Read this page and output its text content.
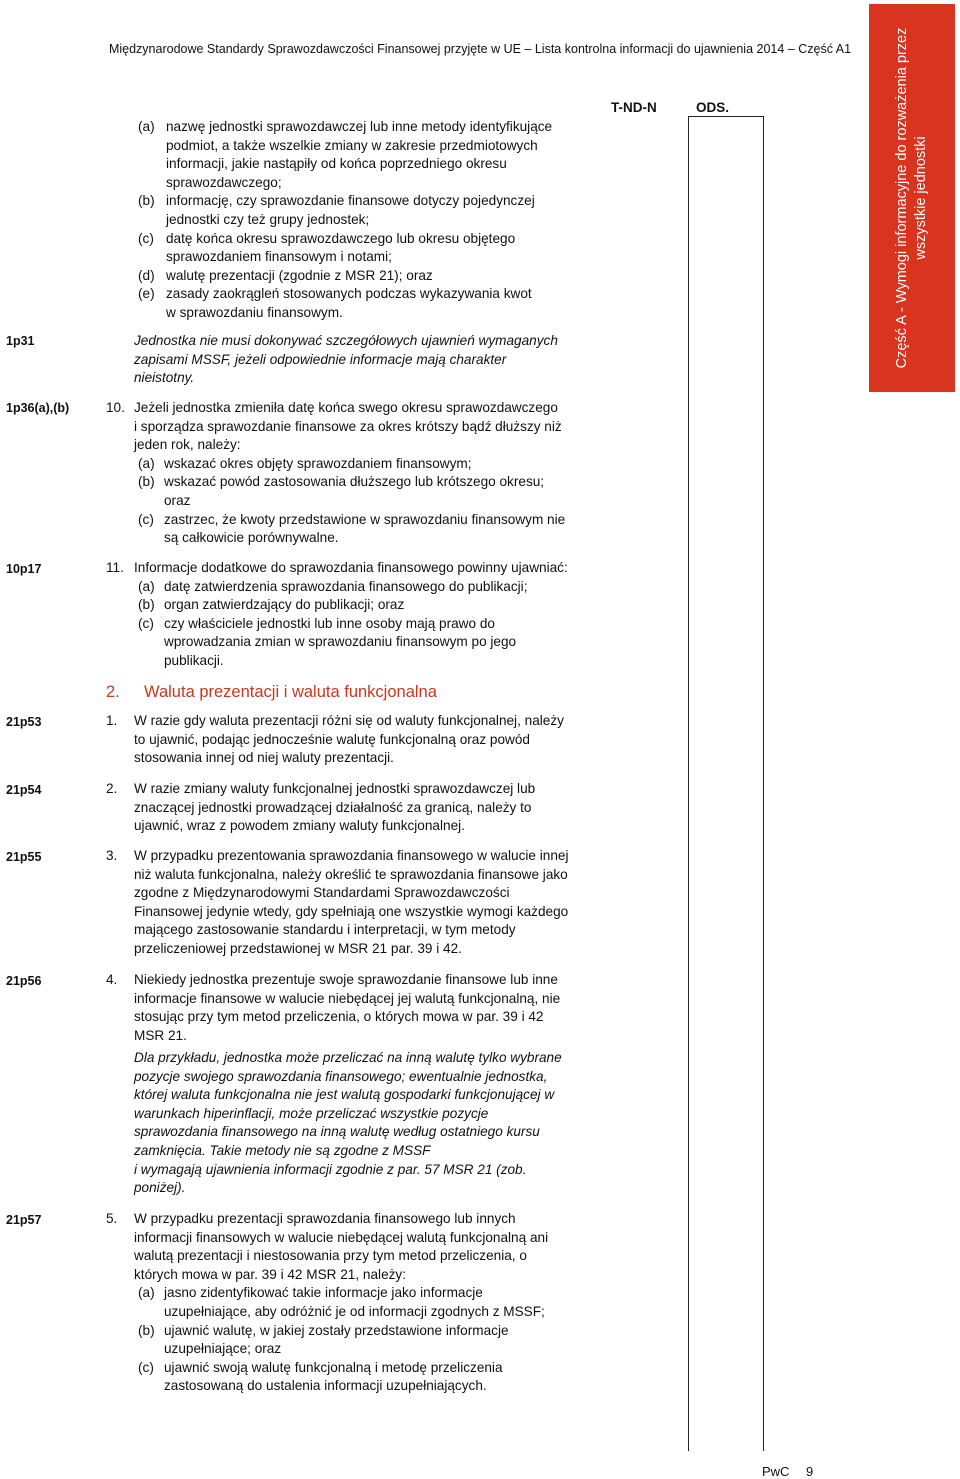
Międzynarodowe Standardy Sprawozdawczości Finansowej przyjęte w UE – Lista kontrolna informacji do ujawnienia 2014 – Część A1
T-ND-N	ODS.	Część A - Wymogi informacyjne do rozważenia przez wszystkie jednostki
(a) nazwę jednostki sprawozdawczej lub inne metody identyfikujące
podmiot, a także wszelkie zmiany w zakresie przedmiotowych
informacji, jakie nastąpiły od końca poprzedniego okresu
sprawozdawczego;
(b) informację, czy sprawozdanie finansowe dotyczy pojedynczej
jednostki czy też grupy jednostek;
(c) datę końca okresu sprawozdawczego lub okresu objętego
sprawozdaniem finansowym i notami;
(d) walutę prezentacji (zgodnie z MSR 21); oraz
(e) zasady zaokrągleń stosowanych podczas wykazywania kwot
w sprawozdaniu finansowym.
1p31	Jednostka nie musi dokonywać szczegółowych ujawnień wymaganych
zapisami MSSF, jeżeli odpowiednie informacje mają charakter
nieistotny.
1p36(a),(b)	10. Jeżeli jednostka zmieniła datę końca swego okresu sprawozdawczego
i sporządza sprawozdanie finansowe za okres krótszy bądź dłuższy niż
jeden rok, należy:
(a) wskazać okres objęty sprawozdaniem finansowym;
(b) wskazać powód zastosowania dłuższego lub krótszego okresu;
oraz
(c) zastrzec, że kwoty przedstawione w sprawozdaniu finansowym nie
są całkowicie porównywalne.
10p17	11. Informacje dodatkowe do sprawozdania finansowego powinny ujawniać:
(a) datę zatwierdzenia sprawozdania finansowego do publikacji;
(b) organ zatwierdzający do publikacji; oraz
(c) czy właściciele jednostki lub inne osoby mają prawo do
wprowadzania zmian w sprawozdaniu finansowym po jego
publikacji.
2. Waluta prezentacji i waluta funkcjonalna
21p53	1. W razie gdy waluta prezentacji różni się od waluty funkcjonalnej, należy
to ujawnić, podając jednocześnie walutę funkcjonalną oraz powód
stosowania innej od niej waluty prezentacji.
21p54	2. W razie zmiany waluty funkcjonalnej jednostki sprawozdawczej lub
znaczącej jednostki prowadzącej działalność za granicą, należy to
ujawnić, wraz z powodem zmiany waluty funkcjonalnej.
21p55	3. W przypadku prezentowania sprawozdania finansowego w walucie innej
niż waluta funkcjonalna, należy określić te sprawozdania finansowe jako
zgodne z Międzynarodowymi Standardami Sprawozdawczości
Finansowej jedynie wtedy, gdy spełniają one wszystkie wymogi każdego
mającego zastosowanie standardu i interpretacji, w tym metody
przeliczeniowej przedstawionej w MSR 21 par. 39 i 42.
21p56	4. Niekiedy jednostka prezentuje swoje sprawozdanie finansowe lub inne
informacje finansowe w walucie niebędącej jej walutą funkcjonalną, nie
stosując przy tym metod przeliczenia, o których mowa w par. 39 i 42
MSR 21.
Dla przykładu, jednostka może przeliczać na inną walutę tylko wybrane
pozycje swojego sprawozdania finansowego; ewentualnie jednostka,
której waluta funkcjonalna nie jest walutą gospodarki funkcjonującej w
warunkach hiperinflacji, może przeliczać wszystkie pozycje
sprawozdania finansowego na inną walutę według ostatniego kursu
zamknięcia. Takie metody nie są zgodne z MSSF
i wymagają ujawnienia informacji zgodnie z par. 57 MSR 21 (zob.
poniżej).
21p57	5. W przypadku prezentacji sprawozdania finansowego lub innych
informacji finansowych w walucie niebędącej walutą funkcjonalną ani
walutą prezentacji i niestosowania przy tym metod przeliczenia, o
których mowa w par. 39 i 42 MSR 21, należy:
(a) jasno zidentyfikować takie informacje jako informacje
uzupełniające, aby odróżnić je od informacji zgodnych z MSSF;
(b) ujawnić walutę, w jakiej zostały przedstawione informacje
uzupełniające; oraz
(c) ujawnić swoją walutę funkcjonalną i metodę przeliczenia
zastosowaną do ustalenia informacji uzupełniających.
PwC 9
